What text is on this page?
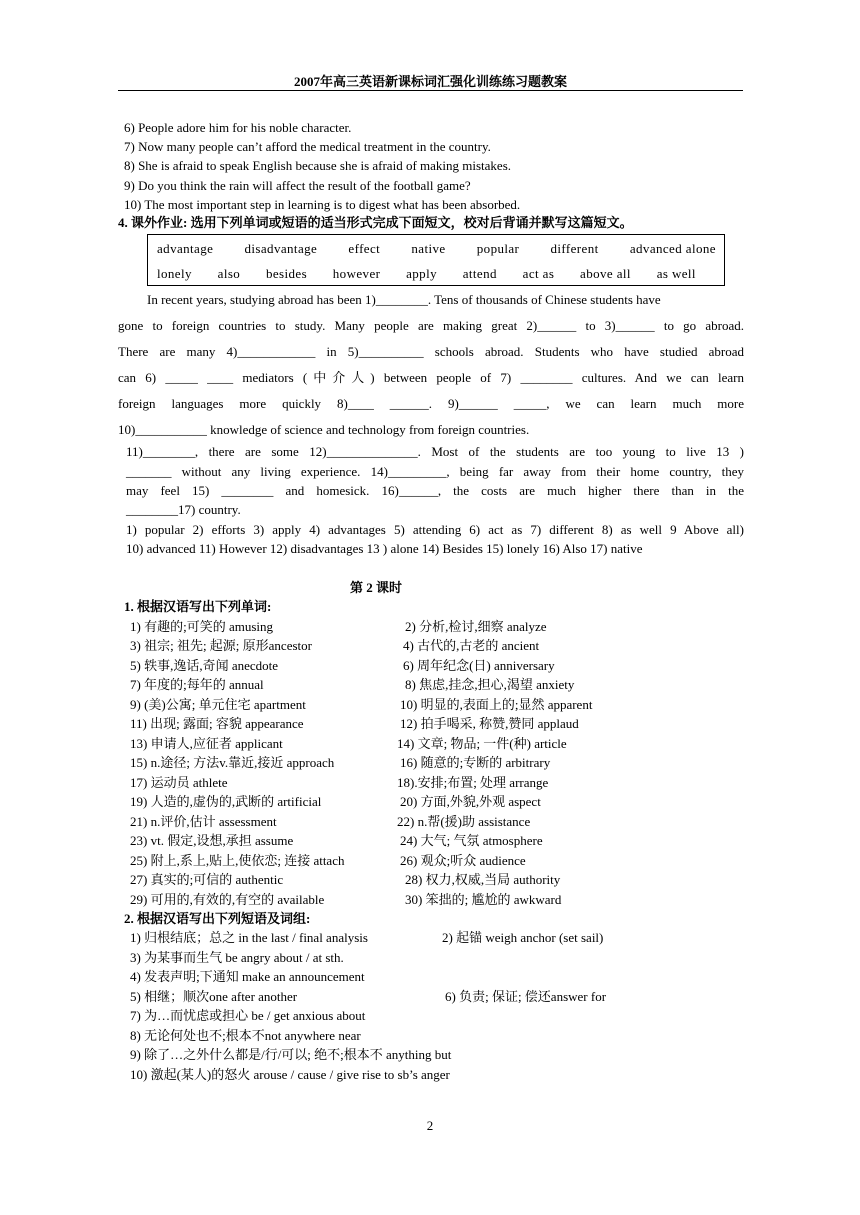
2007年高三英语新课标词汇强化训练练习题教案
6) People adore him for his noble character.
7) Now many people can’t afford the medical treatment in the country.
8) She is afraid to speak English because she is afraid of making mistakes.
9) Do you think the rain will affect the result of the football game?
10) The most important step in learning is to digest what has been absorbed.
4. 课外作业: 选用下列单词或短语的适当形式完成下面短文，校对后背诵并默写这篇短文。
advantage disadvantage effect native popular different advanced alone
lonely also besides however apply attend act as above all as well
In recent years, studying abroad has been 1)________. Tens of thousands of Chinese students have
gone to foreign countries to study. Many people are making great 2)______ to 3)______ to go abroad.
There are many 4)____________ in 5)__________ schools abroad. Students who have studied abroad
can 6) _____ ____ mediators (中介人) between people of 7) ________ cultures. And we can learn
foreign languages more quickly 8)____ ______. 9)______ _____, we can learn much more
10)___________ knowledge of science and technology from foreign countries.
11)________, there are some 12)______________. Most of the students are too young to live 13 )
_______ without any living experience. 14)_________, being far away from their home country, they
may feel 15) ________ and homesick. 16)______, the costs are much higher there than in the
________17) country.
1) popular 2) efforts 3) apply 4) advantages 5) attending 6) act as 7) different 8) as well 9 Above all)
10) advanced 11) However 12) disadvantages 13 ) alone 14) Besides 15) lonely 16) Also 17) native
第 2 课时
1. 根据汉语写出下列单词:
1) 有趣的;可笑的 amusing
3) 祖宗; 祖先; 起源; 原形ancestor
5) 轶事,逸话,奇闻 anecdote
7) 年度的;每年的 annual
9) (美)公寓; 单元住宅 apartment
11) 出现; 露面; 容貌 appearance
13) 申请人,应征者 applicant
15) n.途径; 方法v.靠近,接近 approach
17) 运动员 athlete
19) 人造的,虚伪的,武断的 artificial
21) n.评价,估计 assessment
23) vt. 假定,设想,承担 assume
25) 附上,系上,贴上,使依恋; 连接 attach
27) 真实的;可信的 authentic
29) 可用的,有效的,有空的 available
2) 分析,检讨,细察 analyze
4) 古代的,古老的 ancient
6) 周年纪念(日) anniversary
8) 焦虑,挂念,担心,渴望 anxiety
10) 明显的,表面上的;显然 apparent
12) 拍手喝采, 称赞,赞同 applaud
14) 文章; 物品; 一件(种) article
16) 随意的;专断的 arbitrary
18).安排;布置; 处理 arrange
20) 方面,外貌,外观 aspect
22) n.帮(援)助 assistance
24) 大气; 气氛 atmosphere
26) 观众;听众 audience
28) 权力,权威,当局 authority
30) 笨拙的; 尴尬的 awkward
2. 根据汉语写出下列短语及词组:
1) 归根结底；总之 in the last / final analysis	2) 起锚 weigh anchor (set sail)
3) 为某事而生气 be angry about / at sth.
4) 发表声明;下通知 make an announcement
5) 相继；顺次one after another	6) 负责; 保证; 偿还answer for
7) 为…而忧虑或担心 be / get anxious about
8) 无论何处也不;根本不not anywhere near
9) 除了…之外什么都是/行/可以; 绝不;根本不 anything but
10) 激起(某人)的怒火 arouse / cause / give rise to sb’s anger
2
